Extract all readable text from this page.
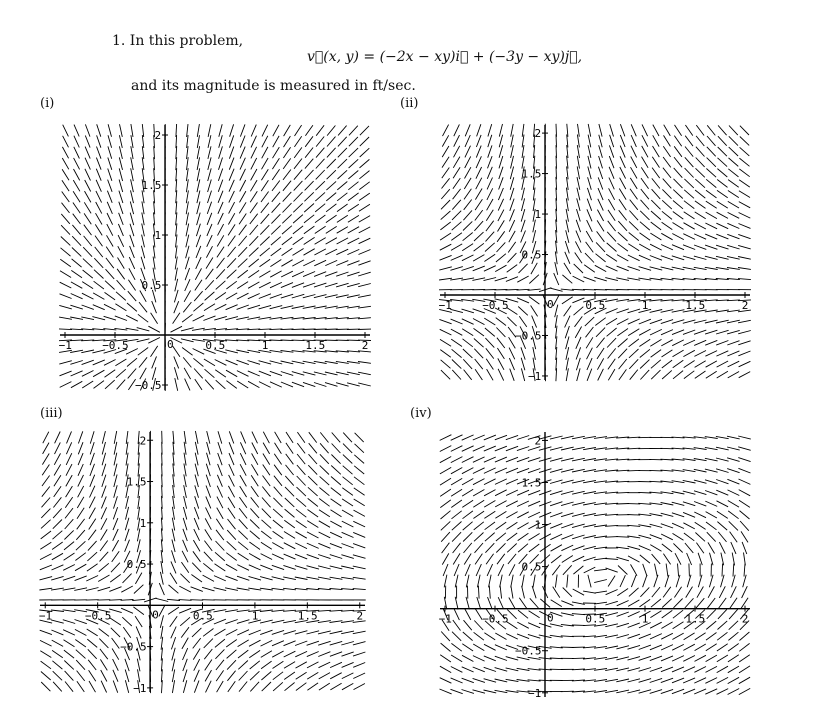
1. In this problem,
v⃗(x, y) = (−2x − xy)i⃗ + (−3y − xy)j⃗,
and its magnitude is measured in ft/sec.
(i)	(ii)
(iii)	(iv)
−1	−0.5	0	0.5	1	1.5	2
2
1.5
1
0.5
−0.5
−1	−0.5	0	0.5	1	1.5	2
2
1.5
1
0.5
−0.5
−1
−1	−0.5	0	0.5	1	1.5	2
2
1.5
1
0.5
−0.5
−1
−1	−0.5	0	0.5	1	1.5	2
2
1.5
1
0.5
−0.5
−1
